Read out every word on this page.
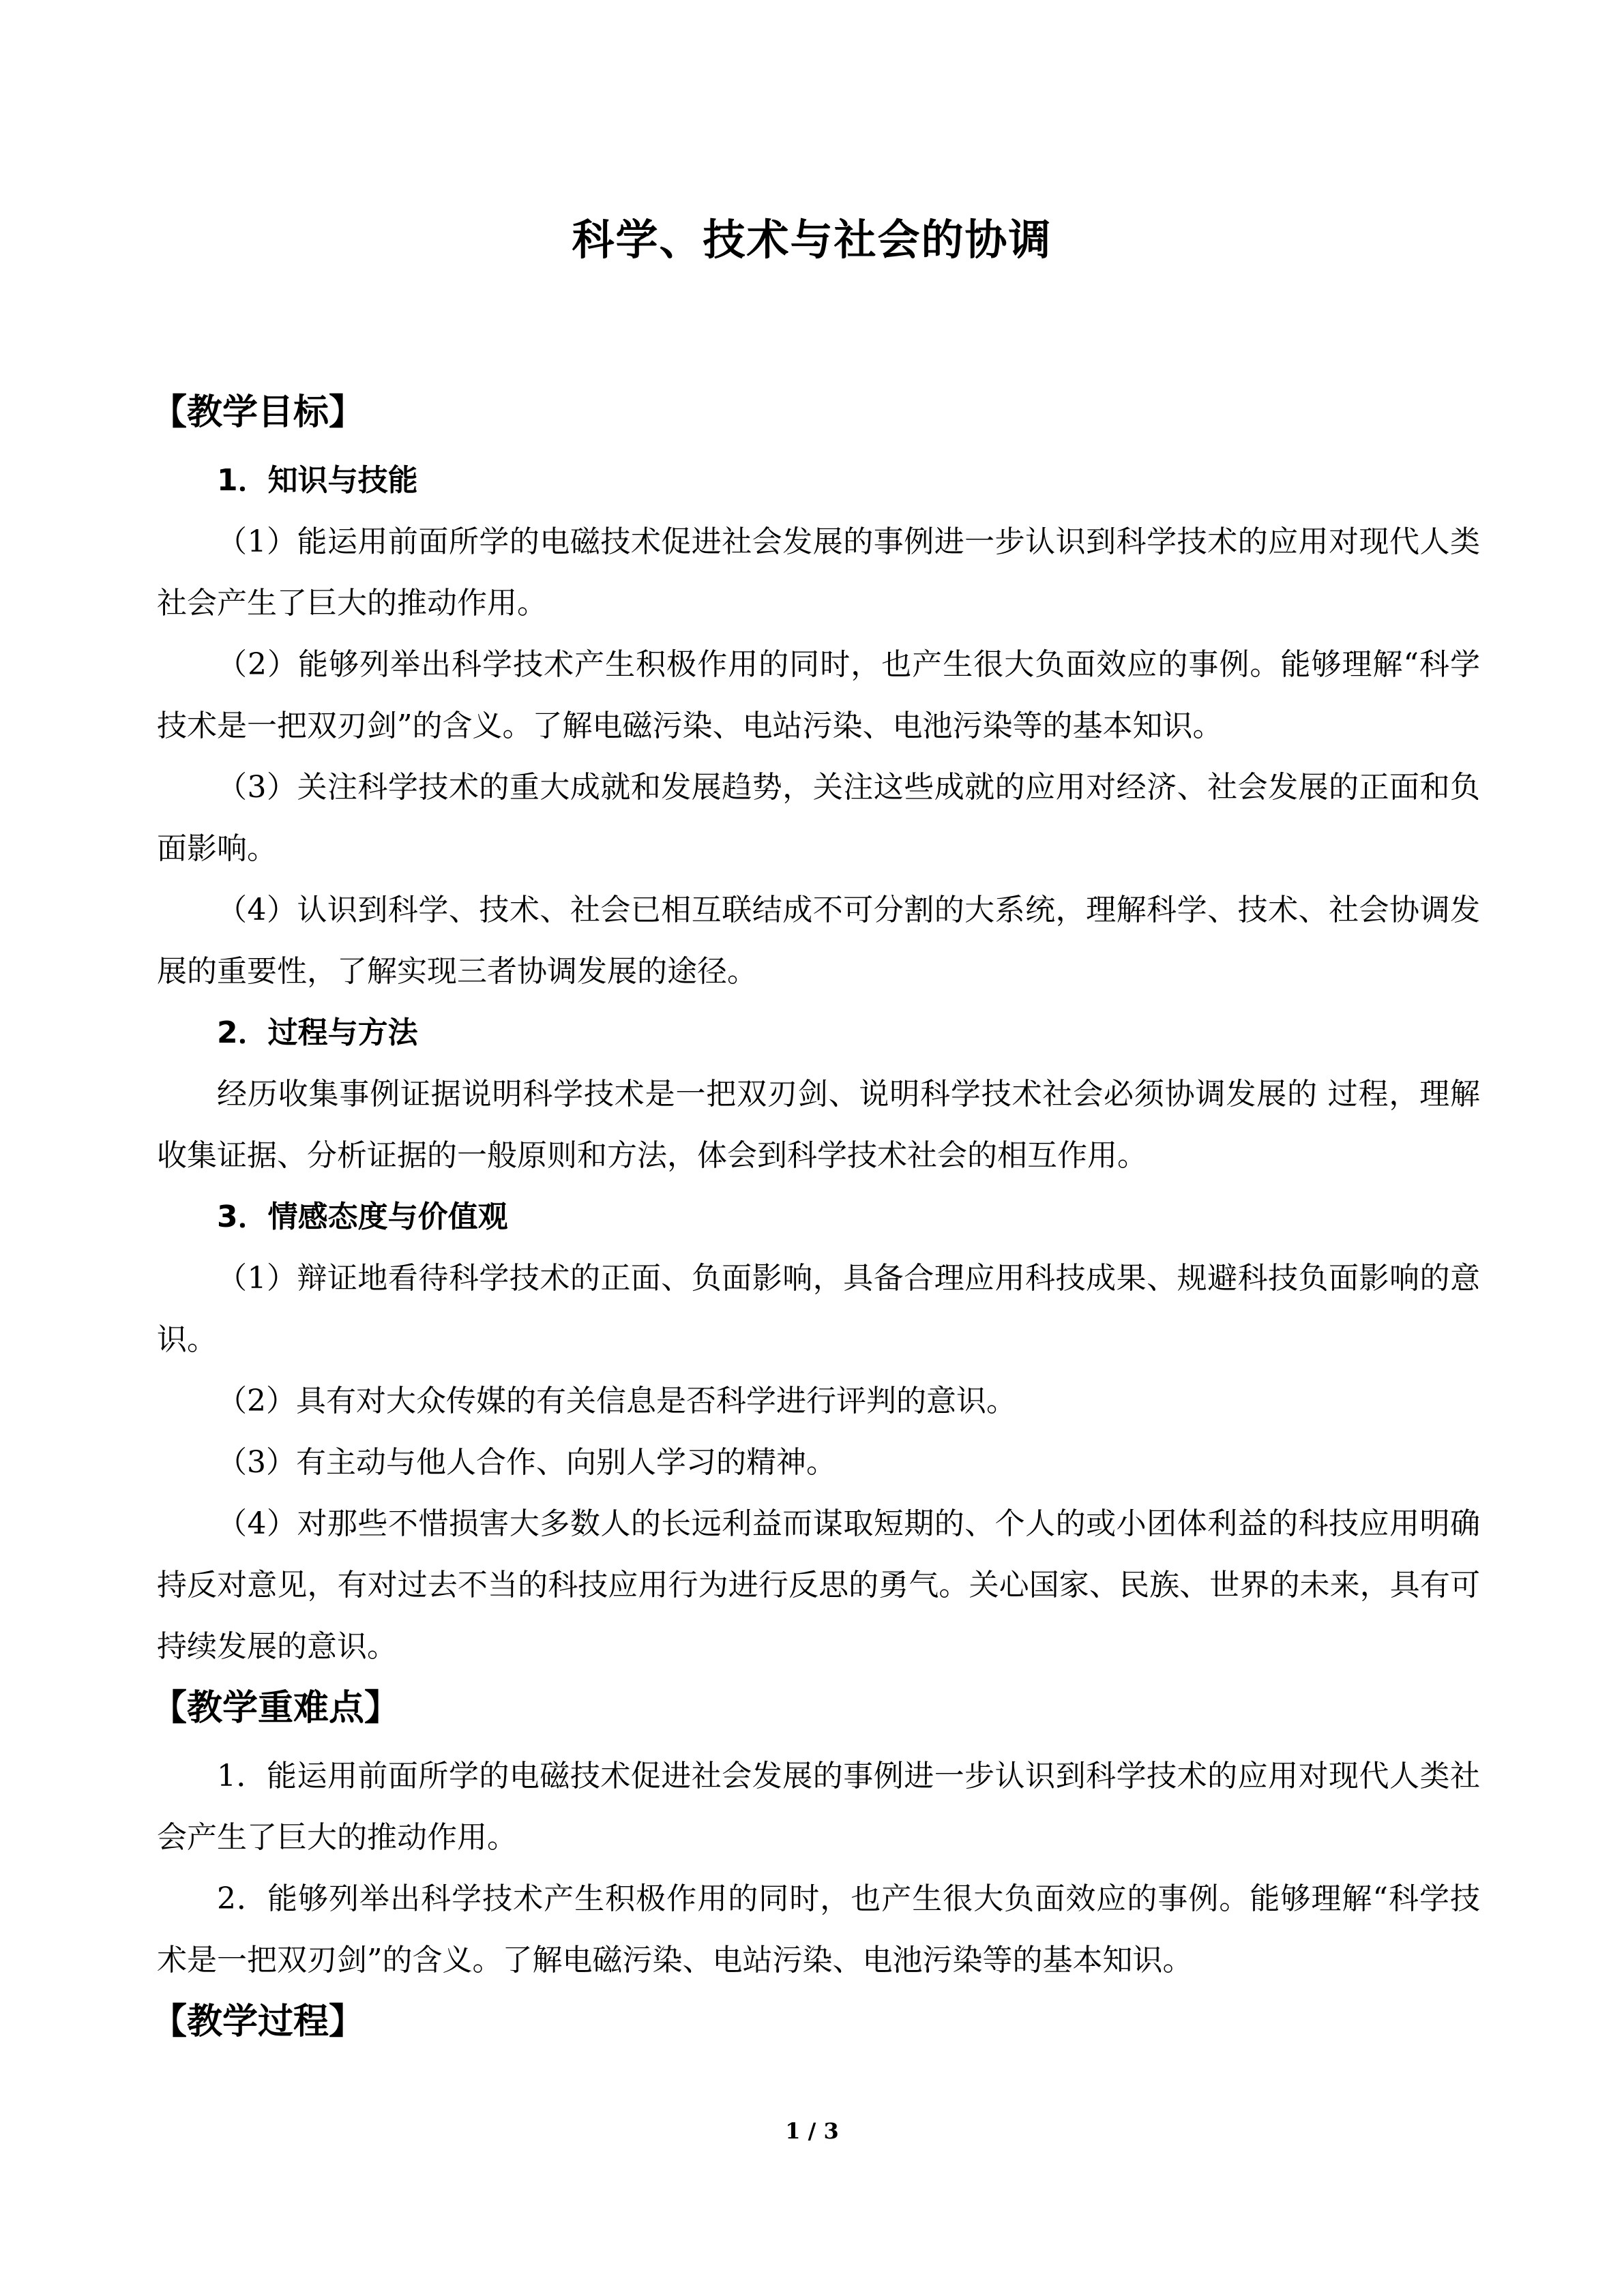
科学、技术与社会的协调
【教学目标】
1．知识与技能

（1）能运用前面所学的电磁技术促进社会发展的事例进一步认识到科学技术的应用对现代人类社会产生了巨大的推动作用。

（2）能够列举出科学技术产生积极作用的同时，也产生很大负面效应的事例。能够理解“科学技术是一把双刃剑”的含义。了解电磁污染、电站污染、电池污染等的基本知识。

（3）关注科学技术的重大成就和发展趋势，关注这些成就的应用对经济、社会发展的正面和负面影响。

（4）认识到科学、技术、社会已相互联结成不可分割的大系统，理解科学、技术、社会协调发展的重要性，了解实现三者协调发展的途径。

2．过程与方法

经历收集事例证据说明科学技术是一把双刃剑、说明科学技术社会必须协调发展的 过程，理解收集证据、分析证据的一般原则和方法，体会到科学技术社会的相互作用。

3．情感态度与价值观

（1）辩证地看待科学技术的正面、负面影响，具备合理应用科技成果、规避科技负面影响的意识。

（2）具有对大众传媒的有关信息是否科学进行评判的意识。

（3）有主动与他人合作、向别人学习的精神。

（4）对那些不惜损害大多数人的长远利益而谋取短期的、个人的或小团体利益的科技应用明确持反对意见，有对过去不当的科技应用行为进行反思的勇气。关心国家、民族、世界的未来，具有可持续发展的意识。

【教学重难点】

1．能运用前面所学的电磁技术促进社会发展的事例进一步认识到科学技术的应用对现代人类社会产生了巨大的推动作用。

2．能够列举出科学技术产生积极作用的同时，也产生很大负面效应的事例。能够理解“科学技术是一把双刃剑”的含义。了解电磁污染、电站污染、电池污染等的基本知识。

【教学过程】
1 / 3
